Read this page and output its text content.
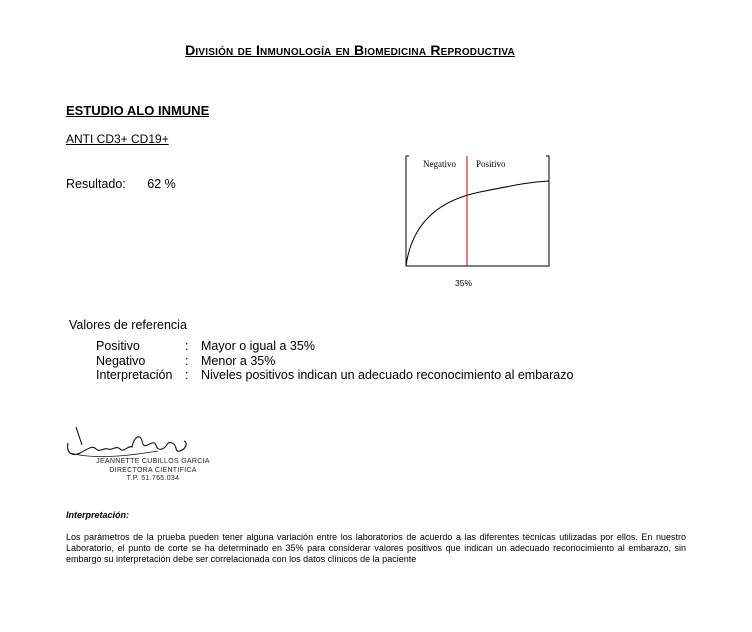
División de Inmunología en Biomedicina Reproductiva
ESTUDIO ALO INMUNE
ANTI CD3+ CD19+
Resultado: 62 %
Negativo Positivo
35%
Valores de referencia
Positivo	:	Mayor o igual a 35%
Negativo	:	Menor a 35%
Interpretación	:	Niveles positivos indican un adecuado reconocimiento al embarazo
JEANNETTE CUBILLOS GARCIA
DIRECTORA CIENTIFICA
T.P. 51.765.034
Interpretación:
Los parámetros de la prueba pueden tener alguna variación entre los laboratorios de acuerdo a las diferentes técnicas utilizadas por ellos. En nuestro Laboratorio, el punto de corte se ha determinado en 35% para considerar valores positivos que indican un adecuado reconocimiento al embarazo, sin embargo su interpretación debe ser correlacionada con los datos clínicos de la paciente
